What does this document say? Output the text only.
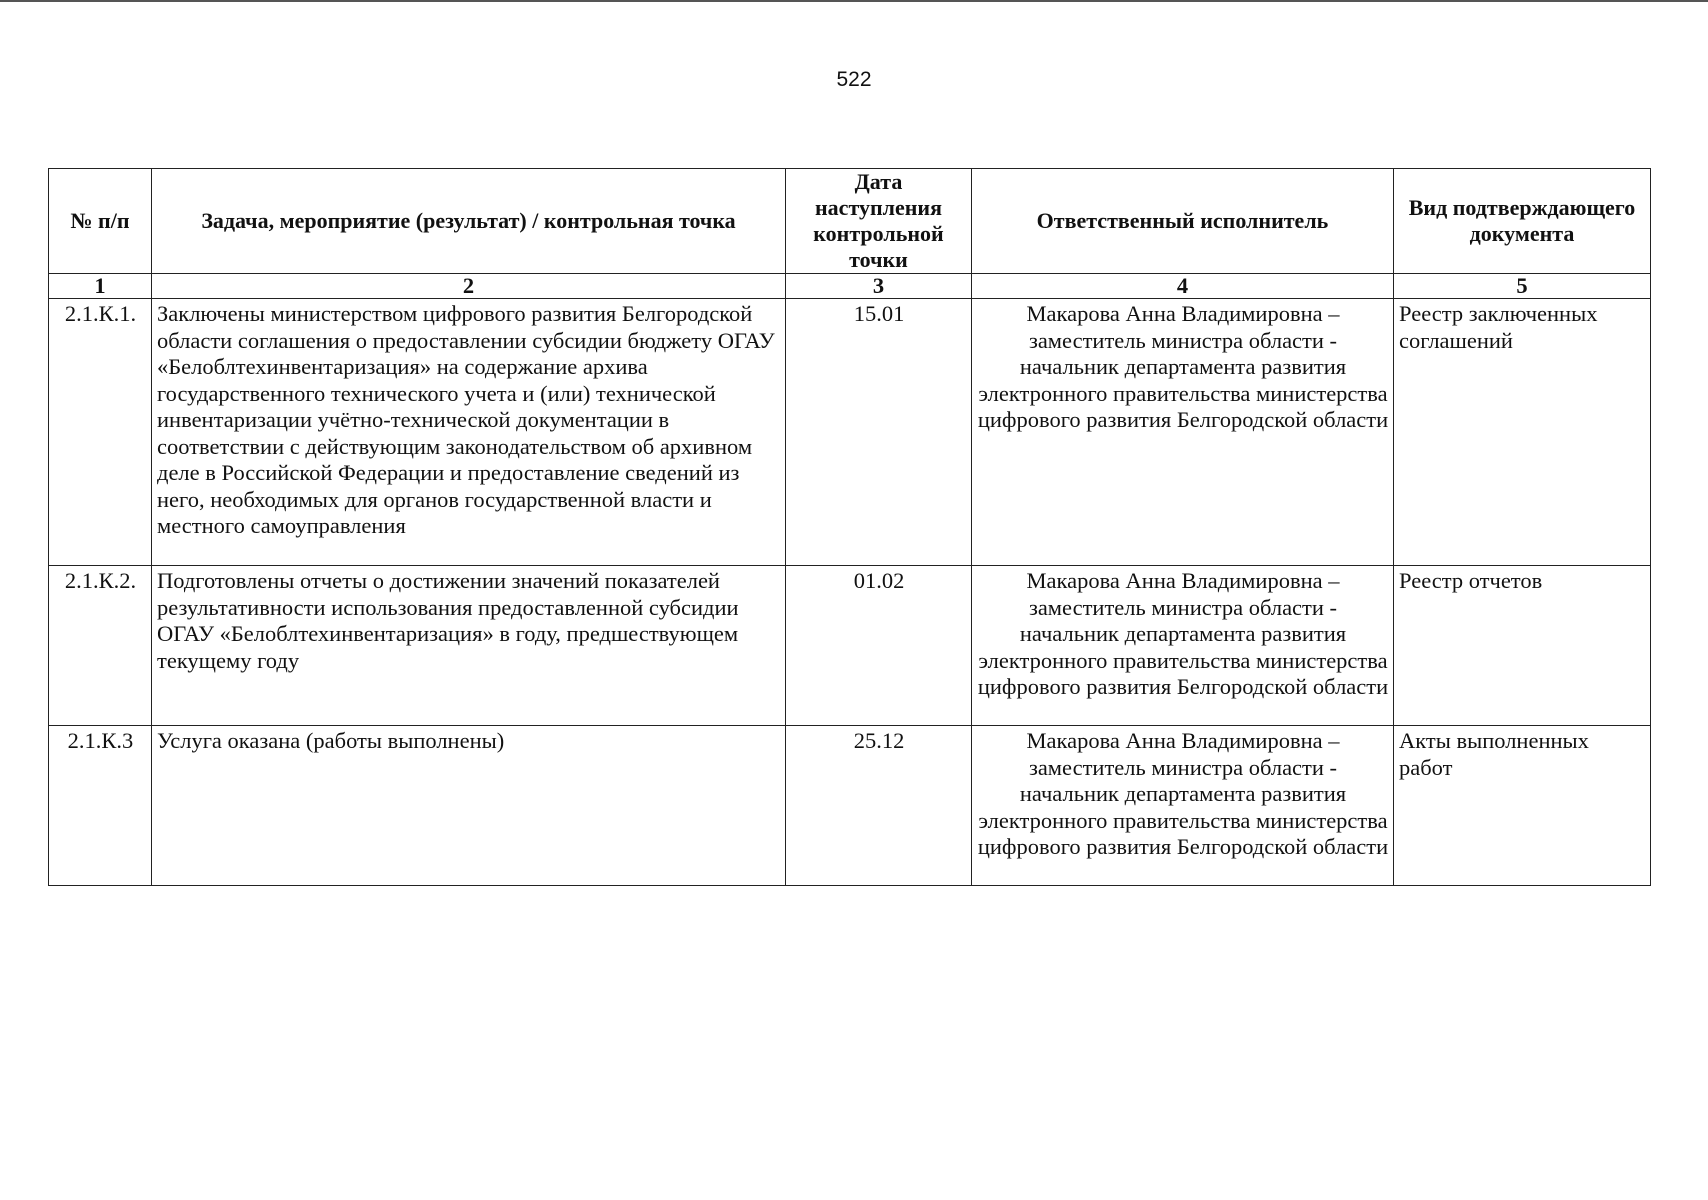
522
№ п/п	Задача, мероприятие (результат) / контрольная точка	Дата наступления контрольной точки	Ответственный исполнитель	Вид подтверждающего документа
1	2	3	4	5
2.1.К.1.	Заключены министерством цифрового развития Белгородской области соглашения о предоставлении субсидии бюджету ОГАУ «Белоблтехинвентаризация» на содержание архива государственного технического учета и (или) технической инвентаризации учётно-технической документации в соответствии с действующим законодательством об архивном деле в Российской Федерации и предоставление сведений из него, необходимых для органов государственной власти и местного самоуправления	15.01	Макарова Анна Владимировна – заместитель министра области - начальник департамента развития электронного правительства министерства цифрового развития Белгородской области	Реестр заключенных соглашений
2.1.К.2.	Подготовлены отчеты о достижении значений показателей результативности использования предоставленной субсидии ОГАУ «Белоблтехинвентаризация» в году, предшествующем текущему году	01.02	Макарова Анна Владимировна – заместитель министра области - начальник департамента развития электронного правительства министерства цифрового развития Белгородской области	Реестр отчетов
2.1.К.3	Услуга оказана (работы выполнены)	25.12	Макарова Анна Владимировна – заместитель министра области - начальник департамента развития электронного правительства министерства цифрового развития Белгородской области	Акты выполненных работ
